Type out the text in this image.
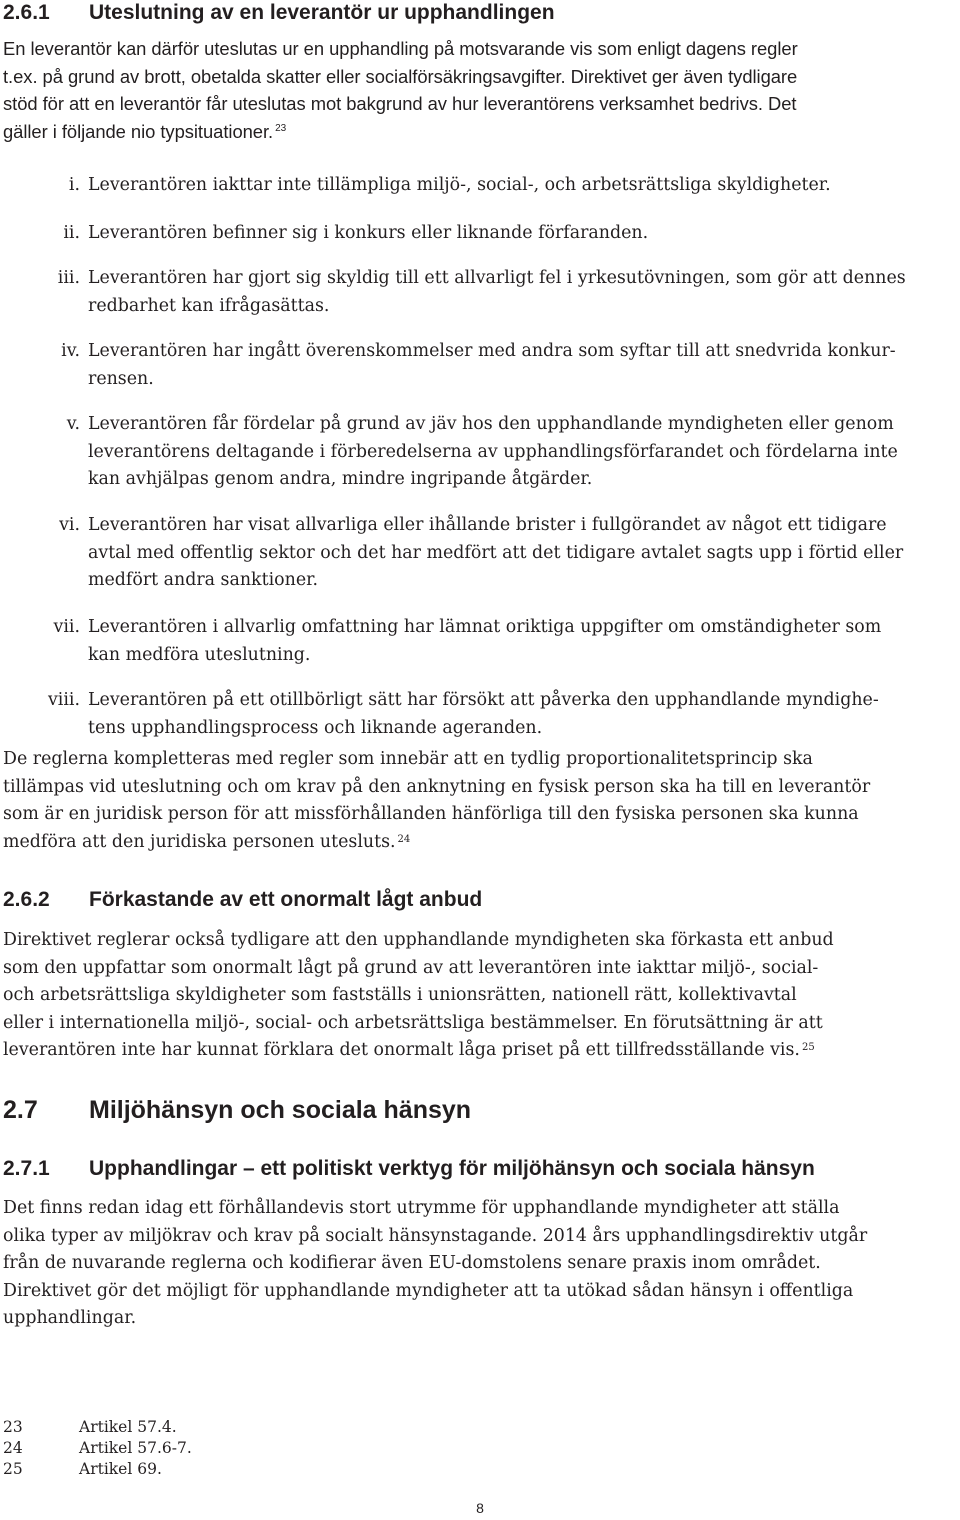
2.6.1 Uteslutning av en leverantör ur upphandlingen
En leverantör kan därför uteslutas ur en upphandling på motsvarande vis som enligt dagens regler
t.ex. på grund av brott, obetalda skatter eller socialförsäkringsavgifter. Direktivet ger även tydligare
stöd för att en leverantör får uteslutas mot bakgrund av hur leverantörens verksamhet bedrivs. Det
gäller i följande nio typsituationer. $^{23}$
i. Leverantören iakttar inte tillämpliga miljö-, social-, och arbetsrättsliga skyldigheter.
ii. Leverantören befinner sig i konkurs eller liknande förfaranden.
iii. Leverantören har gjort sig skyldig till ett allvarligt fel i yrkesutövningen, som gör att dennes
redbarhet kan ifrågasättas.
iv. Leverantören har ingått överenskommelser med andra som syftar till att snedvrida konkur-
rensen.
v. Leverantören får fördelar på grund av jäv hos den upphandlande myndigheten eller genom
leverantörens deltagande i förberedelserna av upphandlingsförfarandet och fördelarna inte
kan avhjälpas genom andra, mindre ingripande åtgärder.
vi. Leverantören har visat allvarliga eller ihållande brister i fullgörandet av något ett tidigare
avtal med offentlig sektor och det har medfört att det tidigare avtalet sagts upp i förtid eller
medfört andra sanktioner.
vii. Leverantören i allvarlig omfattning har lämnat oriktiga uppgifter om omständigheter som
kan medföra uteslutning.
viii. Leverantören på ett otillbörligt sätt har försökt att påverka den upphandlande myndighe-
tens upphandlingsprocess och liknande ageranden.
De reglerna kompletteras med regler som innebär att en tydlig proportionalitetsprincip ska
tillämpas vid uteslutning och om krav på den anknytning en fysisk person ska ha till en leverantör
som är en juridisk person för att missförhållanden hänförliga till den fysiska personen ska kunna
medföra att den juridiska personen utesluts. $^{24}$
2.6.2 Förkastande av ett onormalt lågt anbud
Direktivet reglerar också tydligare att den upphandlande myndigheten ska förkasta ett anbud
som den uppfattar som onormalt lågt på grund av att leverantören inte iakttar miljö-, social-
och arbetsrättsliga skyldigheter som fastställs i unionsrätten, nationell rätt, kollektivavtal
eller i internationella miljö-, social- och arbetsrättsliga bestämmelser. En förutsättning är att
leverantören inte har kunnat förklara det onormalt låga priset på ett tillfredsställande vis. $^{25}$
2.7 Miljöhänsyn och sociala hänsyn
2.7.1 Upphandlingar – ett politiskt verktyg för miljöhänsyn och sociala hänsyn
Det finns redan idag ett förhållandevis stort utrymme för upphandlande myndigheter att ställa
olika typer av miljökrav och krav på socialt hänsynstagande. 2014 års upphandlingsdirektiv utgår
från de nuvarande reglerna och kodifierar även EU-domstolens senare praxis inom området.
Direktivet gör det möjligt för upphandlande myndigheter att ta utökad sådan hänsyn i offentliga
upphandlingar.
23	Artikel 57.4.
24	Artikel 57.6-7.
25	Artikel 69.
8
